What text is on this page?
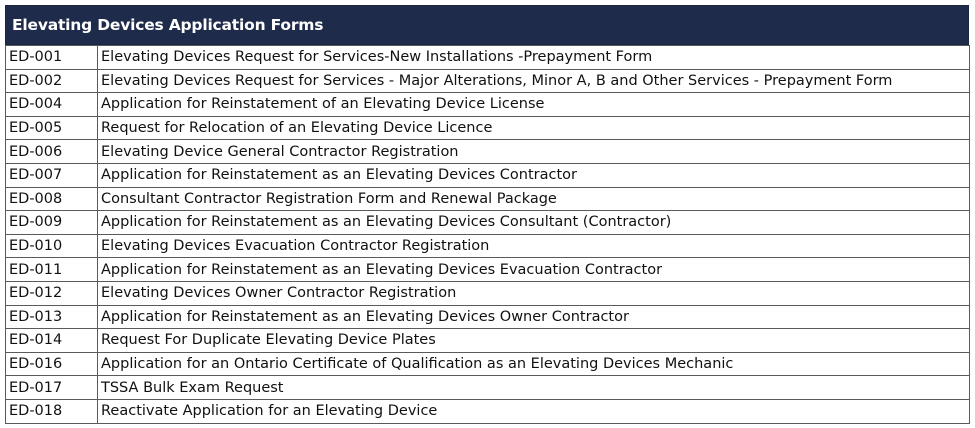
Elevating Devices Application Forms
ED-001	Elevating Devices Request for Services-New Installations -Prepayment Form
ED-002	Elevating Devices Request for Services - Major Alterations, Minor A, B and Other Services - Prepayment Form
ED-004	Application for Reinstatement of an Elevating Device License
ED-005	Request for Relocation of an Elevating Device Licence
ED-006	Elevating Device General Contractor Registration
ED-007	Application for Reinstatement as an Elevating Devices Contractor
ED-008	Consultant Contractor Registration Form and Renewal Package
ED-009	Application for Reinstatement as an Elevating Devices Consultant (Contractor)
ED-010	Elevating Devices Evacuation Contractor Registration
ED-011	Application for Reinstatement as an Elevating Devices Evacuation Contractor
ED-012	Elevating Devices Owner Contractor Registration
ED-013	Application for Reinstatement as an Elevating Devices Owner Contractor
ED-014	Request For Duplicate Elevating Device Plates
ED-016	Application for an Ontario Certificate of Qualification as an Elevating Devices Mechanic
ED-017	TSSA Bulk Exam Request
ED-018	Reactivate Application for an Elevating Device
